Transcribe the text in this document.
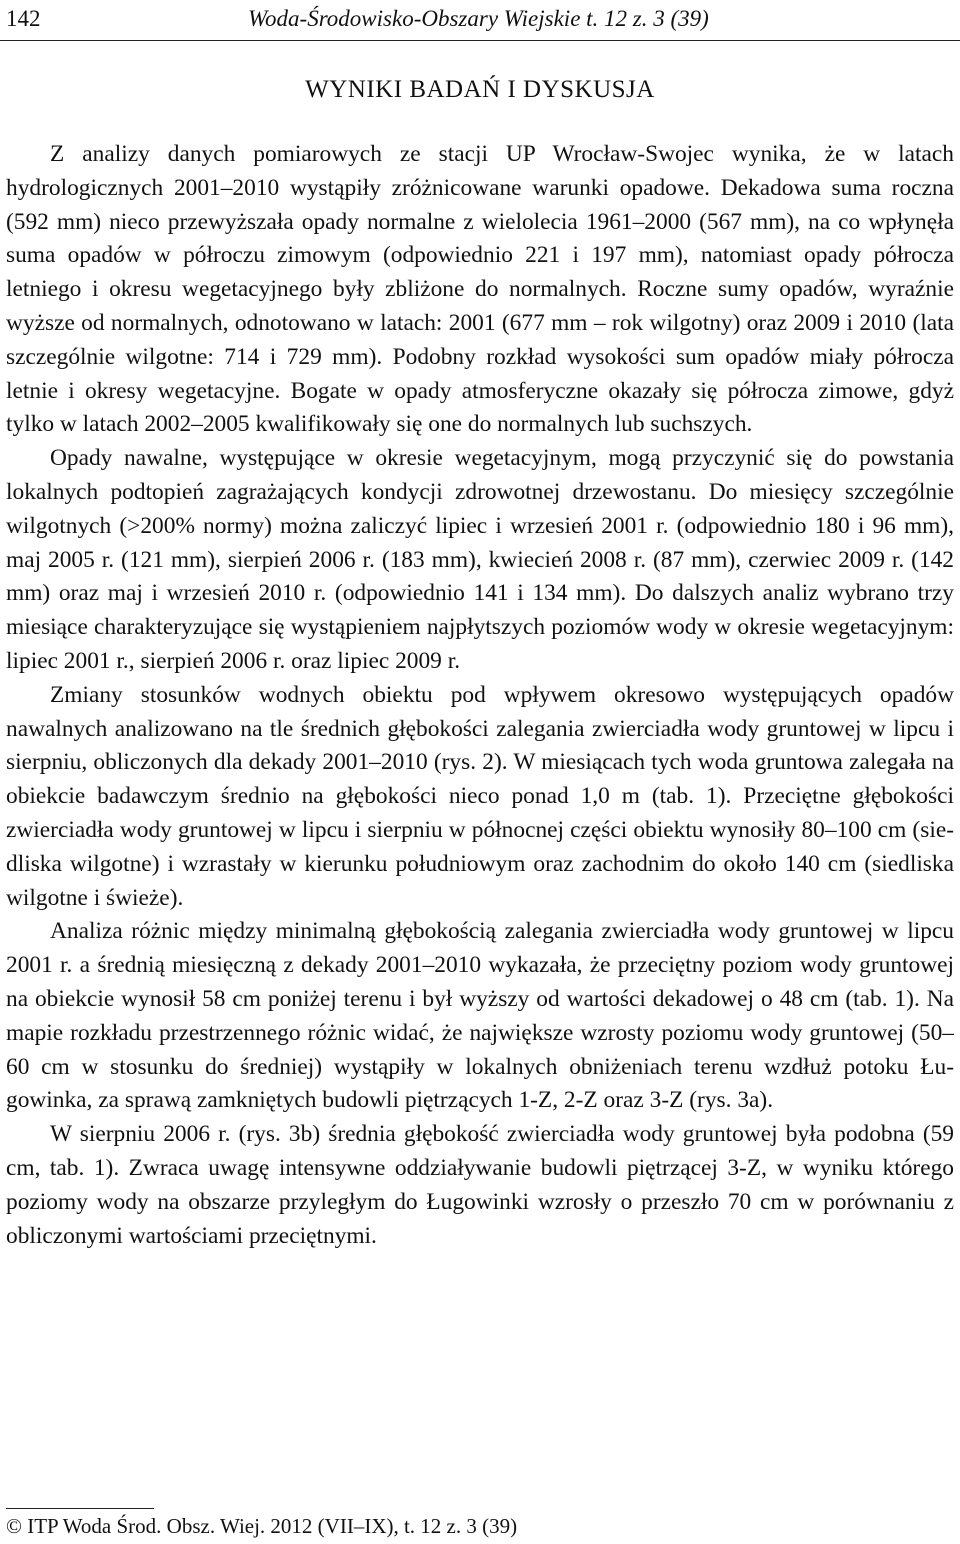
142	Woda-Środowisko-Obszary Wiejskie t. 12 z. 3 (39)
WYNIKI BADAŃ I DYSKUSJA

Z analizy danych pomiarowych ze stacji UP Wrocław-Swojec wynika, że w latach hydrologicznych 2001–2010 wystąpiły zróżnicowane warunki opadowe. Dekadowa suma roczna (592 mm) nieco przewyższała opady normalne z wielolecia 1961–2000 (567 mm), na co wpłynęła suma opadów w półroczu zimowym (odpowiednio 221 i 197 mm), natomiast opady półrocza letniego i okresu wegetacyjnego były zbliżone do normalnych. Roczne sumy opadów, wyraźnie wyższe od normalnych, odnotowano w latach: 2001 (677 mm – rok wilgotny) oraz 2009 i 2010 (lata szczególnie wilgotne: 714 i 729 mm). Podobny rozkład wysokości sum opadów miały półrocza letnie i okresy wegetacyjne. Bogate w opady atmosferyczne okazały się półrocza zimowe, gdyż tylko w latach 2002–2005 kwalifikowały się one do normalnych lub suchszych.

Opady nawalne, występujące w okresie wegetacyjnym, mogą przyczynić się do powstania lokalnych podtopień zagrażających kondycji zdrowotnej drzewostanu. Do miesięcy szczególnie wilgotnych (>200% normy) można zaliczyć lipiec i wrzesień 2001 r. (odpowiednio 180 i 96 mm), maj 2005 r. (121 mm), sierpień 2006 r. (183 mm), kwiecień 2008 r. (87 mm), czerwiec 2009 r. (142 mm) oraz maj i wrzesień 2010 r. (odpowiednio 141 i 134 mm). Do dalszych analiz wybrano trzy miesiące charakteryzujące się wystąpieniem najpłytszych poziomów wody w okresie wegetacyjnym: lipiec 2001 r., sierpień 2006 r. oraz lipiec 2009 r.

Zmiany stosunków wodnych obiektu pod wpływem okresowo występujących opadów nawalnych analizowano na tle średnich głębokości zalegania zwierciadła wody gruntowej w lipcu i sierpniu, obliczonych dla dekady 2001–2010 (rys. 2). W miesiącach tych woda gruntowa zalegała na obiekcie badawczym średnio na głębokości nieco ponad 1,0 m (tab. 1). Przeciętne głębokości zwierciadła wody gruntowej w lipcu i sierpniu w północnej części obiektu wynosiły 80–100 cm (siedliska wilgotne) i wzrastały w kierunku południowym oraz zachodnim do około 140 cm (siedliska wilgotne i świeże).

Analiza różnic między minimalną głębokością zalegania zwierciadła wody gruntowej w lipcu 2001 r. a średnią miesięczną z dekady 2001–2010 wykazała, że przeciętny poziom wody gruntowej na obiekcie wynosił 58 cm poniżej terenu i był wyższy od wartości dekadowej o 48 cm (tab. 1). Na mapie rozkładu przestrzennego różnic widać, że największe wzrosty poziomu wody gruntowej (50–60 cm w stosunku do średniej) wystąpiły w lokalnych obniżeniach terenu wzdłuż potoku Ługowinka, za sprawą zamkniętych budowli piętrzących 1-Z, 2-Z oraz 3-Z (rys. 3a).

W sierpniu 2006 r. (rys. 3b) średnia głębokość zwierciadła wody gruntowej była podobna (59 cm, tab. 1). Zwraca uwagę intensywne oddziaływanie budowli piętrzącej 3-Z, w wyniku którego poziomy wody na obszarze przyległym do Ługowinki wzrosły o przeszło 70 cm w porównaniu z obliczonymi wartościami przeciętnymi.

© ITP Woda Środ. Obsz. Wiej. 2012 (VII–IX), t. 12 z. 3 (39)
